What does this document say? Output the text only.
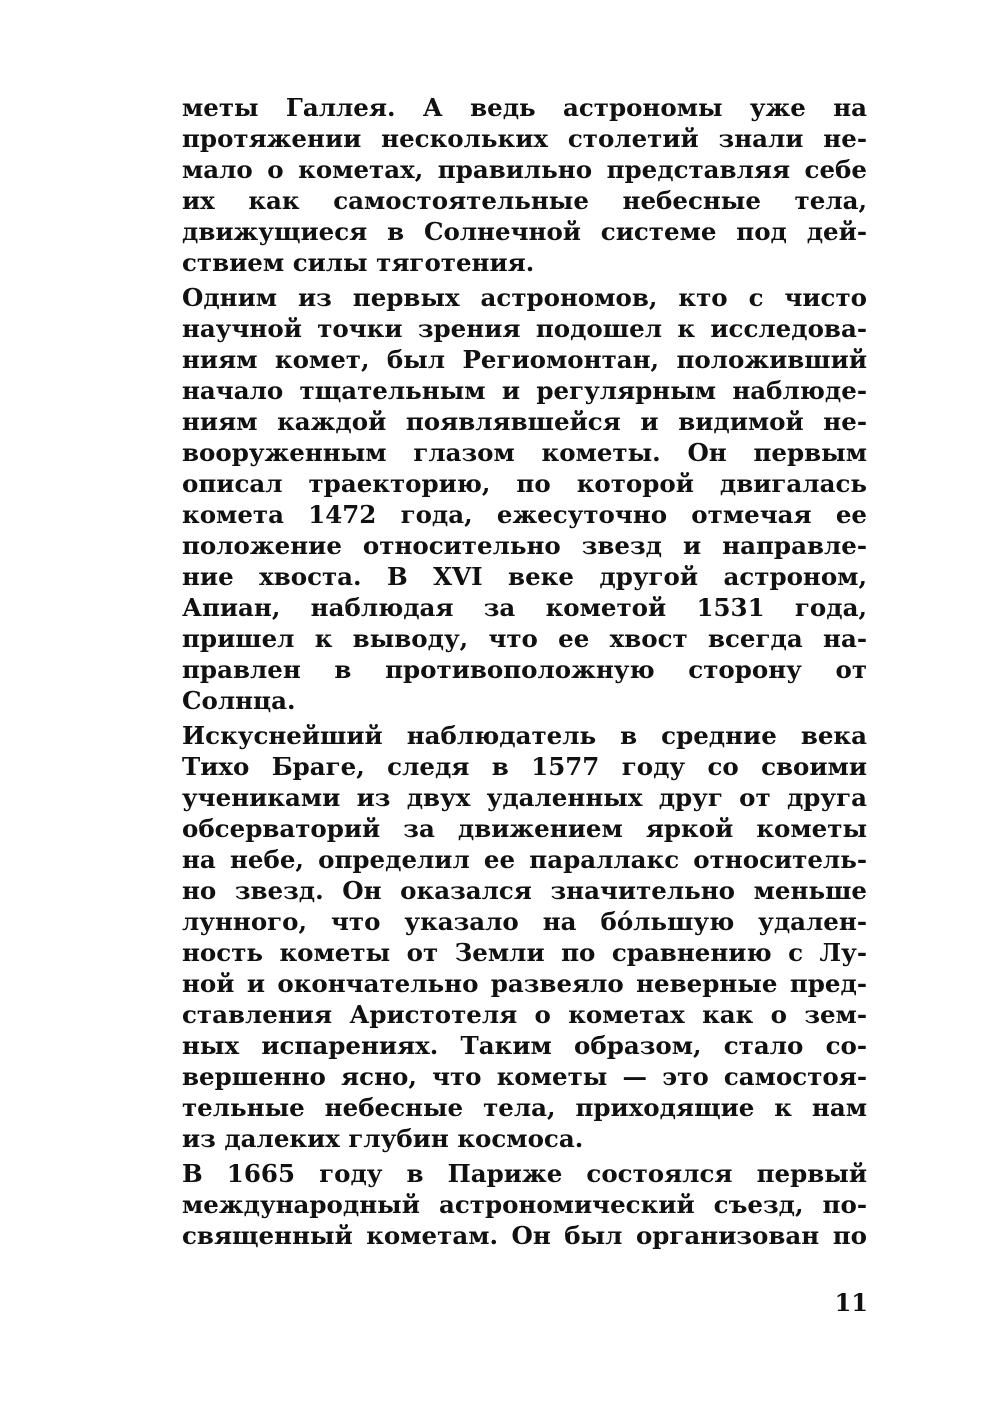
меты Галлея. А ведь астрономы уже на
протяжении нескольких столетий знали не-
мало о кометах, правильно представляя себе
их как самостоятельные небесные тела,
движущиеся в Солнечной системе под дей-
ствием силы тяготения.
Одним из первых астрономов, кто с чисто
научной точки зрения подошел к исследова-
ниям комет, был Региомонтан, положивший
начало тщательным и регулярным наблюде-
ниям каждой появлявшейся и видимой не-
вооруженным глазом кометы. Он первым
описал траекторию, по которой двигалась
комета 1472 года, ежесуточно отмечая ее
положение относительно звезд и направле-
ние хвоста. В XVI веке другой астроном,
Апиан, наблюдая за кометой 1531 года,
пришел к выводу, что ее хвост всегда на-
правлен в противоположную сторону от
Солнца.
Искуснейший наблюдатель в средние века
Тихо Браге, следя в 1577 году со своими
учениками из двух удаленных друг от друга
обсерваторий за движением яркой кометы
на небе, определил ее параллакс относитель-
но звезд. Он оказался значительно меньше
лунного, что указало на бóльшую удален-
ность кометы от Земли по сравнению с Лу-
ной и окончательно развеяло неверные пред-
ставления Аристотеля о кометах как о зем-
ных испарениях. Таким образом, стало со-
вершенно ясно, что кометы — это самостоя-
тельные небесные тела, приходящие к нам
из далеких глубин космоса.
В 1665 году в Париже состоялся первый
международный астрономический съезд, по-
священный кометам. Он был организован по
11
